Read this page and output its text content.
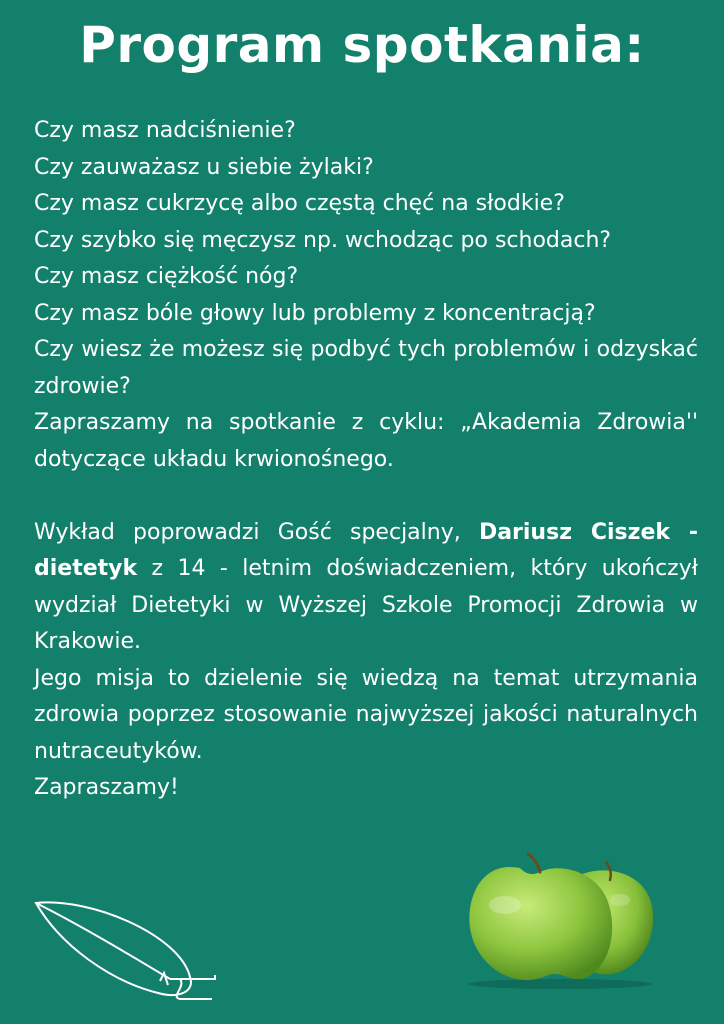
Program spotkania:

Czy masz nadciśnienie?

Czy zauważasz u siebie żylaki?

Czy masz cukrzycę albo częstą chęć na słodkie?

Czy szybko się męczysz np. wchodząc po schodach?

Czy masz ciężkość nóg?

Czy masz bóle głowy lub problemy z koncentracją?

Czy wiesz że możesz się podbyć tych problemów i odzyskać zdrowie?

Zapraszamy na spotkanie z cyklu: „Akademia Zdrowia'' dotyczące układu krwionośnego.

Wykład poprowadzi Gość specjalny, Dariusz Ciszek - dietetyk z 14 - letnim doświadczeniem, który ukończył wydział Dietetyki w Wyższej Szkole Promocji Zdrowia w Krakowie.

Jego misja to dzielenie się wiedzą na temat utrzymania zdrowia poprzez stosowanie najwyższej jakości naturalnych nutraceutyków.

Zapraszamy!
